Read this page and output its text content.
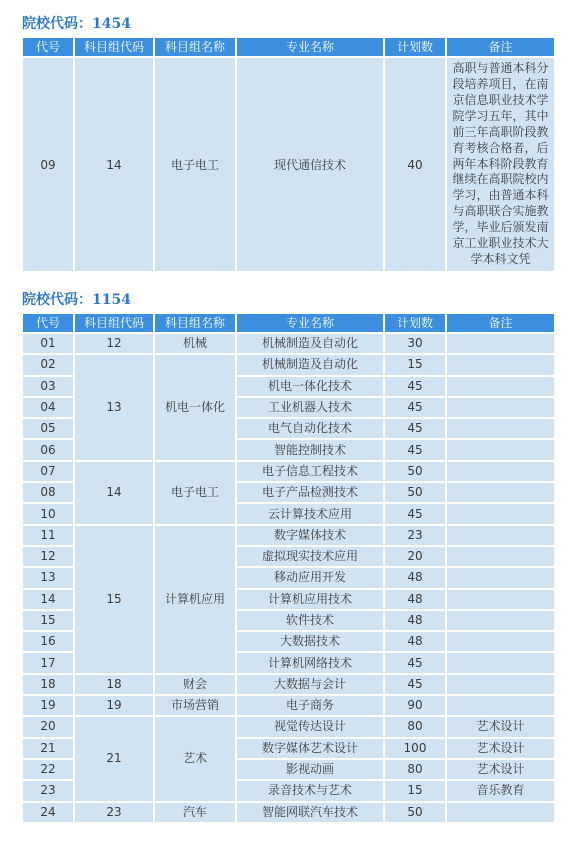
院校代码：1454
代号	科目组代码	科目组名称	专业名称	计划数	备注
09	14	电子电工	现代通信技术	40	高职与普通本科分段培养项目，在南京信息职业技术学院学习五年，其中前三年高职阶段教育考核合格者，后两年本科阶段教育继续在高职院校内学习，由普通本科与高职联合实施教学，毕业后颁发南京工业职业技术大学本科文凭
院校代码：1154
代号	科目组代码	科目组名称	专业名称	计划数	备注
01	12	机械	机械制造及自动化	30	
02	13	机电一体化	机械制造及自动化	15	
03			机电一体化技术	45	
04			工业机器人技术	45	
05			电气自动化技术	45	
06			智能控制技术	45	
07	14	电子电工	电子信息工程技术	50	
08			电子产品检测技术	50	
10			云计算技术应用	45	
11	15	计算机应用	数字媒体技术	23	
12			虚拟现实技术应用	20	
13			移动应用开发	48	
14			计算机应用技术	48	
15			软件技术	48	
16			大数据技术	48	
17			计算机网络技术	45	
18	18	财会	大数据与会计	45	
19	19	市场营销	电子商务	90	
20	21	艺术	视觉传达设计	80	艺术设计
21			数字媒体艺术设计	100	艺术设计
22			影视动画	80	艺术设计
23			录音技术与艺术	15	音乐教育
24	23	汽车	智能网联汽车技术	50	
